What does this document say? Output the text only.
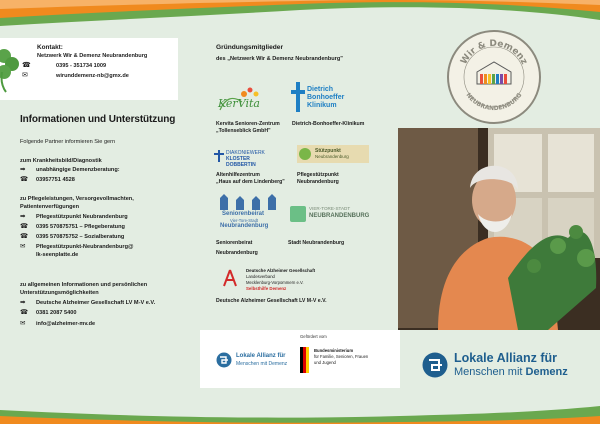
Kontakt:
Netzwerk Wir & Demenz Neubrandenburg
☎	0395 - 351734 1009
✉	wirunddemenz-nb@gmx.de
Informationen und Unterstützung
Folgende Partner informieren Sie gern
zum Krankheitsbild/Diagnostik
➡ unabhängige Demenzberatung:
☎ 03957751 4528
zu Pflegeleistungen, Versorgevollmachten,
Patientenverfügungen
➡ Pflegestützpunkt Neubrandenburg
☎ 0395 570875751 – Pflegeberatung
☎ 0395 570875752 – Sozialberatung
✉ Pflegestützpunkt-Neubrandenburg@
lk-seenplatte.de
zu allgemeinen Informationen und persönlichen
Unterstützungsmöglichkeiten
➡ Deutsche Alzheimer Gesellschaft LV M-V e.V.
☎ 0381 2087 5400
✉ info@alzheimer-mv.de
Gründungsmitglieder
des „Netzwerk Wir & Demenz Neubrandenburg"
KerVita
Kervita Senioren-Zentrum
„Tollenseblick GmbH"
Dietrich
Bonhoeffer
Klinikum
Dietrich-Bonhoeffer-Klinikum
DIAKONIEWERK
KLOSTER DOBBERTIN
Altenhilfezentrum
„Haus auf dem Lindenberg"
Stützpunkt
Neubrandenburg
Pflegestützpunkt
Neubrandenburg
Seniorenbeirat
Vier-Tore-Stadt
Neubrandenburg
Seniorenbeirat
Neubrandenburg
VIER-TORE-STADT
NEUBRANDENBURG
Stadt Neubrandenburg
Deutsche Alzheimer Gesellschaft
Landesverband
Mecklenburg-Vorpommern e.V.
Selbsthilfe Demenz
Deutsche Alzheimer Gesellschaft LV M-V e.V.
Lokale Allianz für
Menschen mit Demenz
Gefördert vom
Bundesministerium
für Familie, Senioren, Frauen
und Jugend
Wir & Demenz
NEUBRANDENBURG
Lokale Allianz für
Menschen mit Demenz
